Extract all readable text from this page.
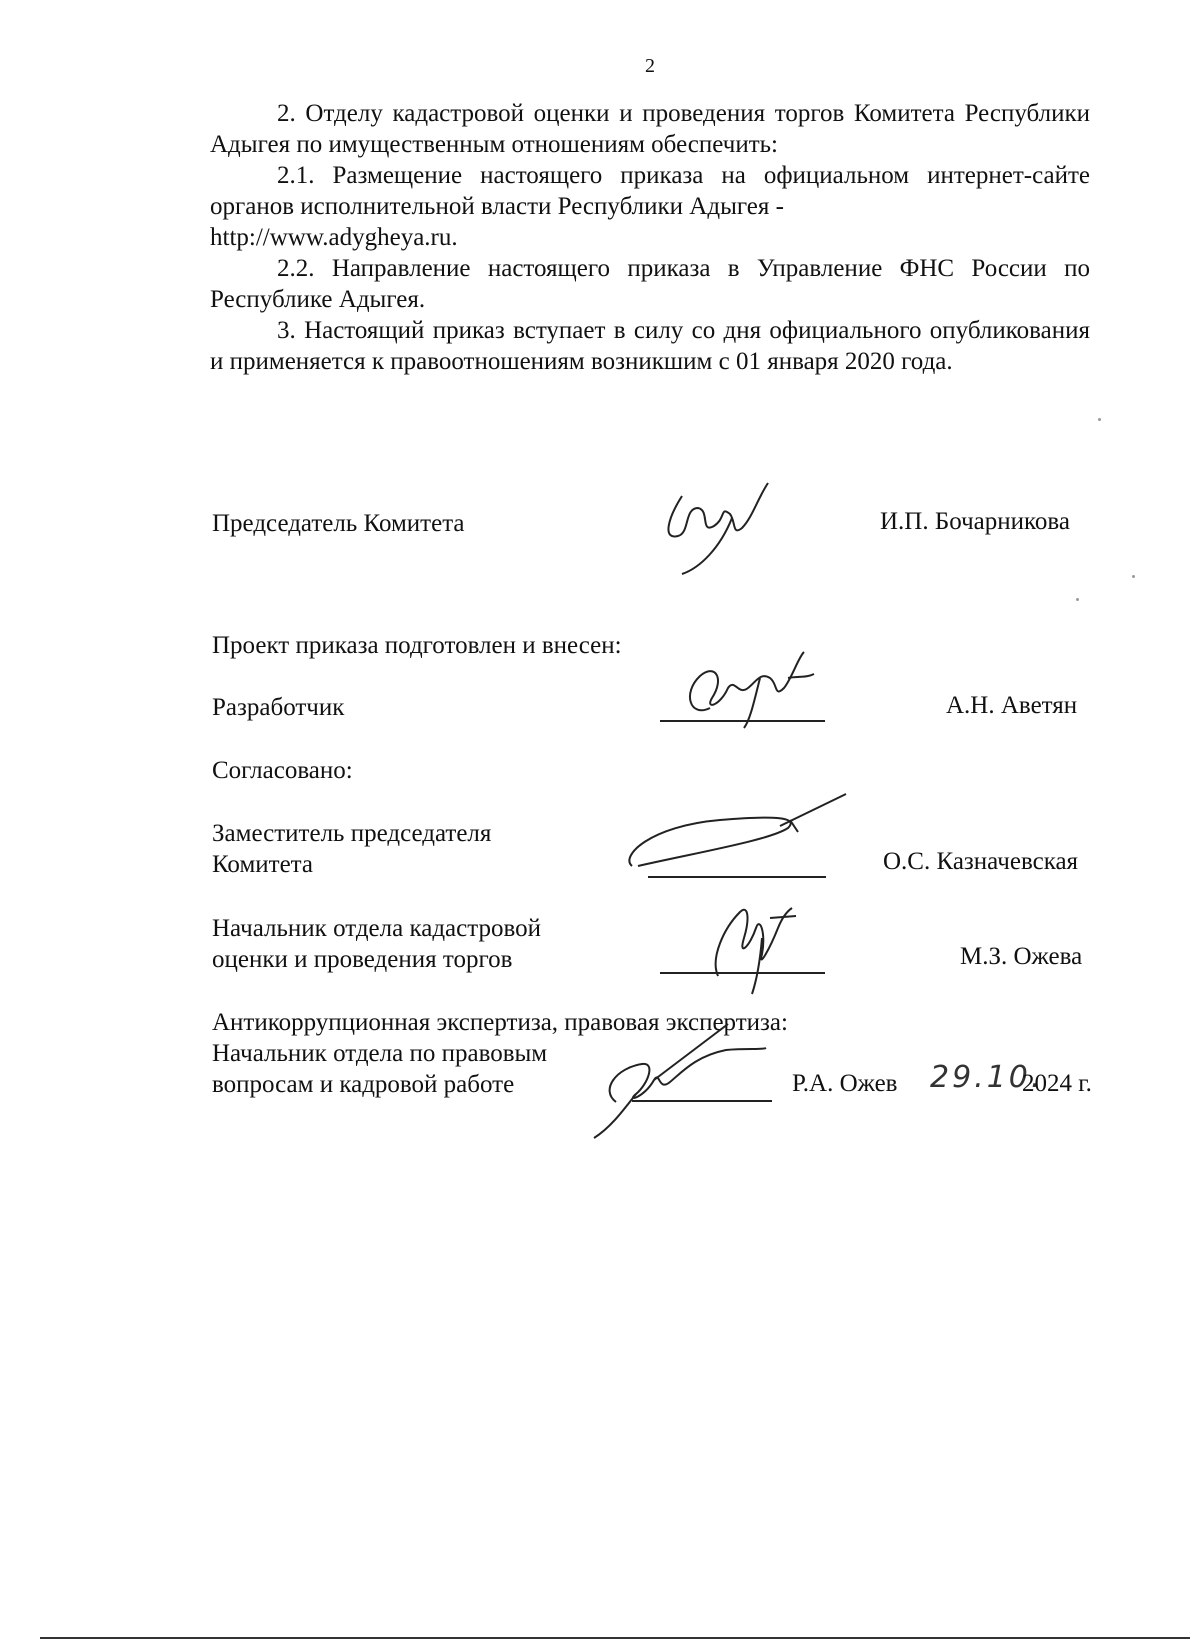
2

2. Отделу кадастровой оценки и проведения торгов Комитета Республики Адыгея по имущественным отношениям обеспечить:

2.1. Размещение настоящего приказа на официальном интернет-сайте органов исполнительной власти Республики Адыгея -

http://www.adygheya.ru.

2.2. Направление настоящего приказа в Управление ФНС России по Республике Адыгея.

3. Настоящий приказ вступает в силу со дня официального опубликования и применяется к правоотношениям возникшим с 01 января 2020 года.

Председатель Комитета	И.П. Бочарникова
Проект приказа подготовлен и внесен:
Разработчик	А.Н. Аветян
Согласовано:
Заместитель председателя
Комитета	О.С. Казначевская
Начальник отдела кадастровой
оценки и проведения торгов	М.З. Ожева
Антикоррупционная экспертиза, правовая экспертиза:
Начальник отдела по правовым
вопросам и кадровой работе	Р.А. Ожев 29.10.
2024 г.
